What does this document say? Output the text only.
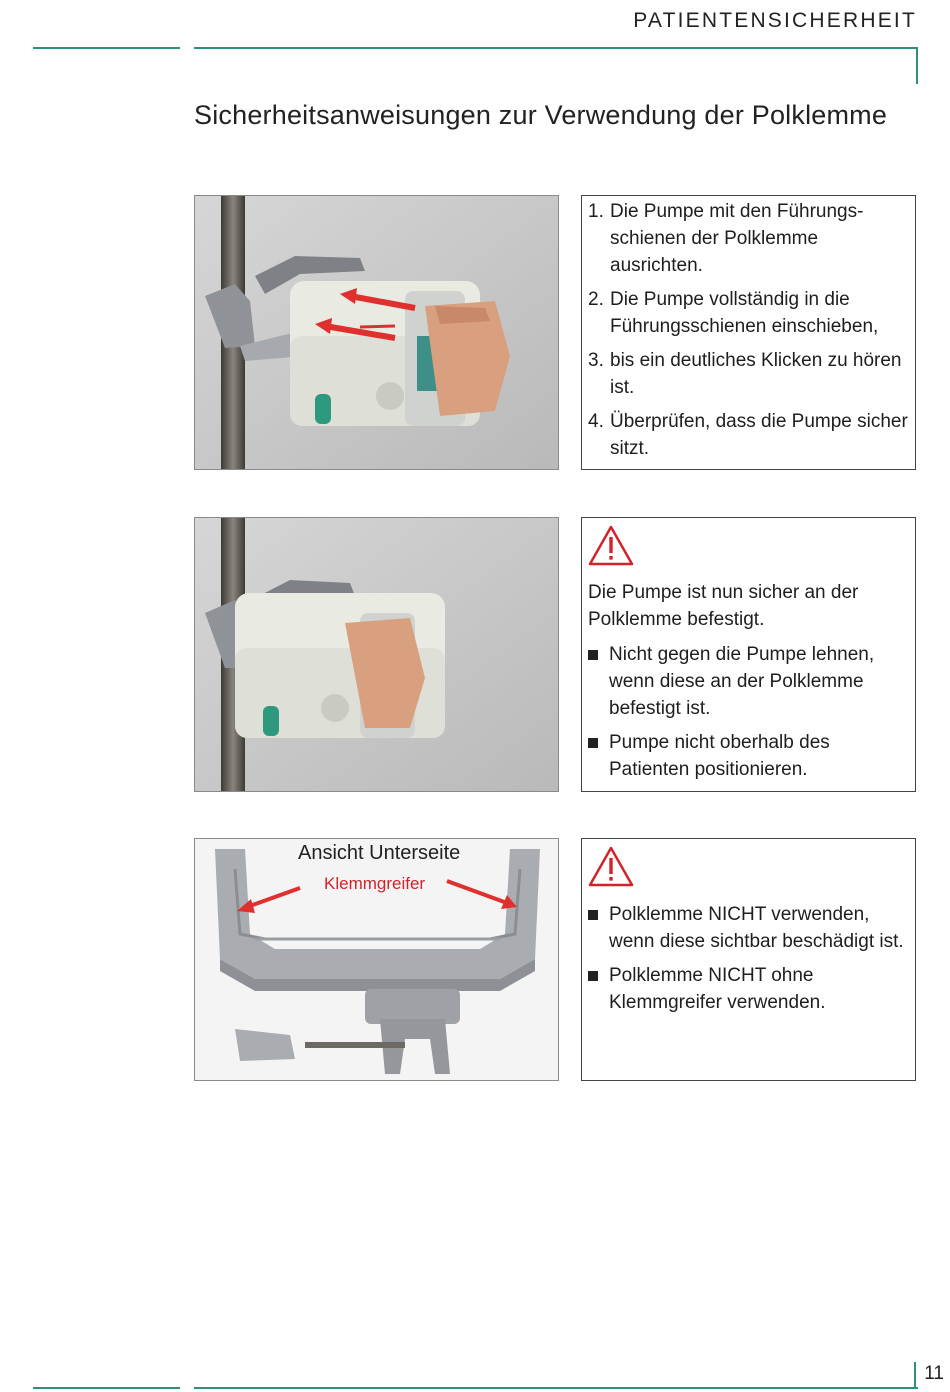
PATIENTENSICHERHEIT
Sicherheitsanweisungen zur Verwendung der Polklemme
1. Die Pumpe mit den Führungs-schienen der Polklemme ausrichten.
2. Die Pumpe vollständig in die Führungsschienen einschieben,
3. bis ein deutliches Klicken zu hören ist.
4. Überprüfen, dass die Pumpe sicher sitzt.
Die Pumpe ist nun sicher an der Polklemme befestigt.
Nicht gegen die Pumpe lehnen, wenn diese an der Polklemme befestigt ist.
Pumpe nicht oberhalb des Patienten positionieren.
Ansicht Unterseite
Klemmgreifer
Polklemme NICHT verwenden, wenn diese sichtbar beschädigt ist.
Polklemme NICHT ohne Klemmgreifer verwenden.
11
